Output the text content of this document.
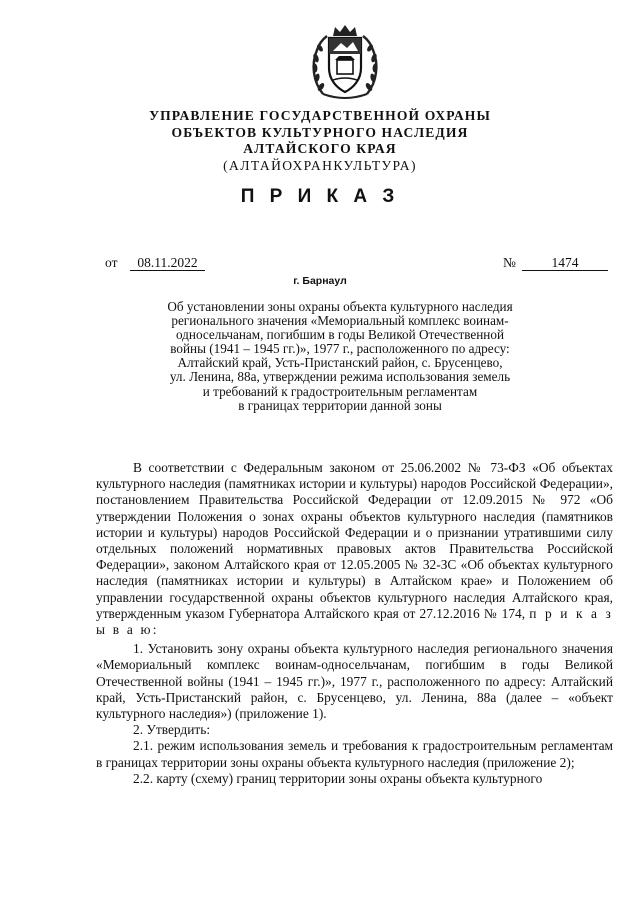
УПРАВЛЕНИЕ ГОСУДАРСТВЕННОЙ ОХРАНЫ
ОБЪЕКТОВ КУЛЬТУРНОГО НАСЛЕДИЯ
АЛТАЙСКОГО КРАЯ
(АЛТАЙОХРАНКУЛЬТУРА)
П Р И К А З
от	08.11.2022	№	1474
г. Барнаул
Об установлении зоны охраны объекта культурного наследия
регионального значения «Мемориальный комплекс воинам-
односельчанам, погибшим в годы Великой Отечественной
войны (1941 – 1945 гг.)», 1977 г., расположенного по адресу:
Алтайский край, Усть-Пристанский район, с. Брусенцево,
ул. Ленина, 88а, утверждении режима использования земель
и требований к градостроительным регламентам
в границах территории данной зоны

В соответствии с Федеральным законом от 25.06.2002 № 73-ФЗ «Об объектах культурного наследия (памятниках истории и культуры) народов Российской Федерации», постановлением Правительства Российской Федерации от 12.09.2015 № 972 «Об утверждении Положения о зонах охраны объектов культурного наследия (памятников истории и культуры) народов Российской Федерации и о признании утратившими силу отдельных положений нормативных правовых актов Правительства Российской Федерации», законом Алтайского края от 12.05.2005 № 32-ЗС «Об объектах культурного наследия (памятниках истории и культуры) в Алтайском крае» и Положением об управлении государственной охраны объектов культурного наследия Алтайского края, утвержденным указом Губернатора Алтайского края от 27.12.2016 № 174, п р и к а з ы в а ю:

1. Установить зону охраны объекта культурного наследия регионального значения «Мемориальный комплекс воинам-односельчанам, погибшим в годы Великой Отечественной войны (1941 – 1945 гг.)», 1977 г., расположенного по адресу: Алтайский край, Усть-Пристанский район, с. Брусенцево, ул. Ленина, 88а (далее – «объект культурного наследия») (приложение 1).

2. Утвердить:

2.1. режим использования земель и требования к градостроительным регламентам в границах территории зоны охраны объекта культурного наследия (приложение 2);

2.2. карту (схему) границ территории зоны охраны объекта культурного
